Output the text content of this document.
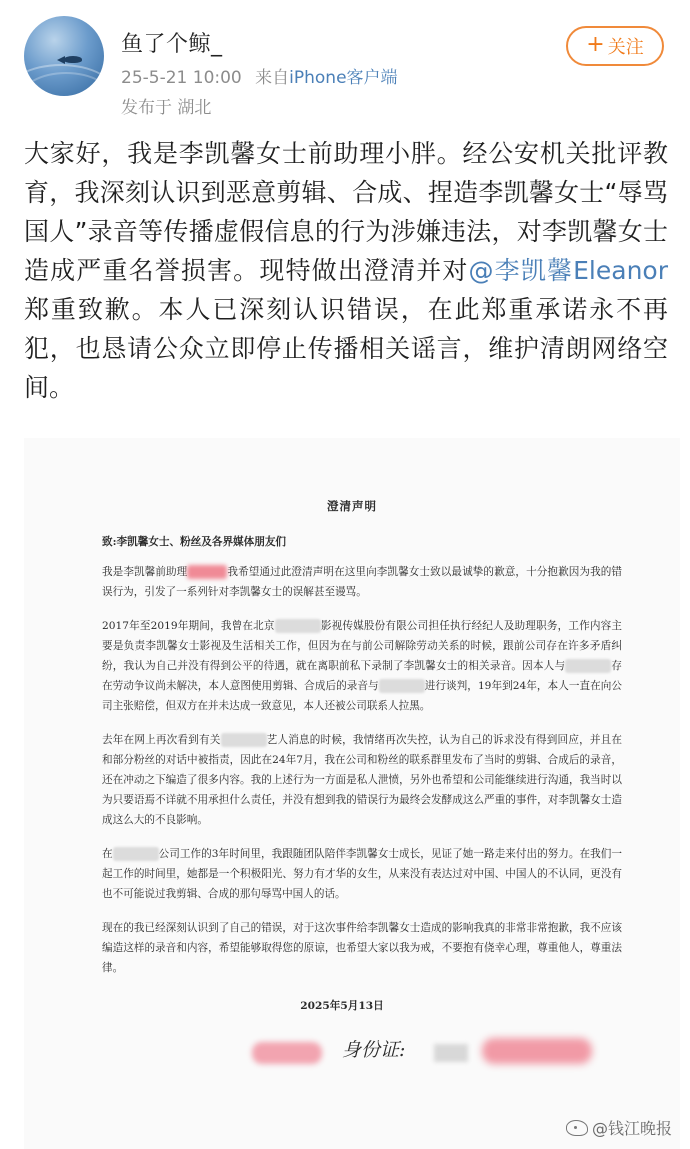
鱼了个鲸_
25-5-21 10:00 来自iPhone客户端
发布于 湖北
+ 关注
大家好，我是李凯馨女士前助理小胖。经公安机关批评教育，我深刻认识到恶意剪辑、合成、捏造李凯馨女士“辱骂国人”录音等传播虚假信息的行为涉嫌违法，对李凯馨女士造成严重名誉损害。现特做出澄清并对@李凯馨Eleanor郑重致歉。本人已深刻认识错误，在此郑重承诺永不再犯，也恳请公众立即停止传播相关谣言，维护清朗网络空间。
澄清声明
致:李凯馨女士、粉丝及各界媒体朋友们

我是李凯馨前助理	我希望通过此澄清声明在这里向李凯馨女士致以最诚挚的歉意，十分抱歉因为我的错误行为，引发了一系列针对李凯馨女士的误解甚至谩骂。

2017年至2019年期间，我曾在北京	影视传媒股份有限公司担任执行经纪人及助理职务，工作内容主要是负责李凯馨女士影视及生活相关工作，但因为在与前公司解除劳动关系的时候，跟前公司存在许多矛盾纠纷，我认为自己并没有得到公平的待遇，就在离职前私下录制了李凯馨女士的相关录音。因本人与	存在劳动争议尚未解决，本人意图使用剪辑、合成后的录音与	进行谈判，19年到24年，本人一直在向公司主张赔偿，但双方在并未达成一致意见，本人还被公司联系人拉黑。

去年在网上再次看到有关	艺人消息的时候，我情绪再次失控，认为自己的诉求没有得到回应，并且在和部分粉丝的对话中被指责，因此在24年7月，我在公司和粉丝的联系群里发布了当时的剪辑、合成后的录音，还在冲动之下编造了很多内容。我的上述行为一方面是私人泄愤，另外也希望和公司能继续进行沟通，我当时以为只要语焉不详就不用承担什么责任，并没有想到我的错误行为最终会发酵成这么严重的事件，对李凯馨女士造成这么大的不良影响。

在	公司工作的3年时间里，我跟随团队陪伴李凯馨女士成长，见证了她一路走来付出的努力。在我们一起工作的时间里，她都是一个积极阳光、努力有才华的女生，从来没有表达过对中国、中国人的不认同，更没有也不可能说过我剪辑、合成的那句辱骂中国人的话。

现在的我已经深刻认识到了自己的错误，对于这次事件给李凯馨女士造成的影响我真的非常非常抱歉，我不应该编造这样的录音和内容，希望能够取得您的原谅，也希望大家以我为戒，不要抱有侥幸心理，尊重他人，尊重法律。

2025年5月13日
身份证:
@钱江晚报
